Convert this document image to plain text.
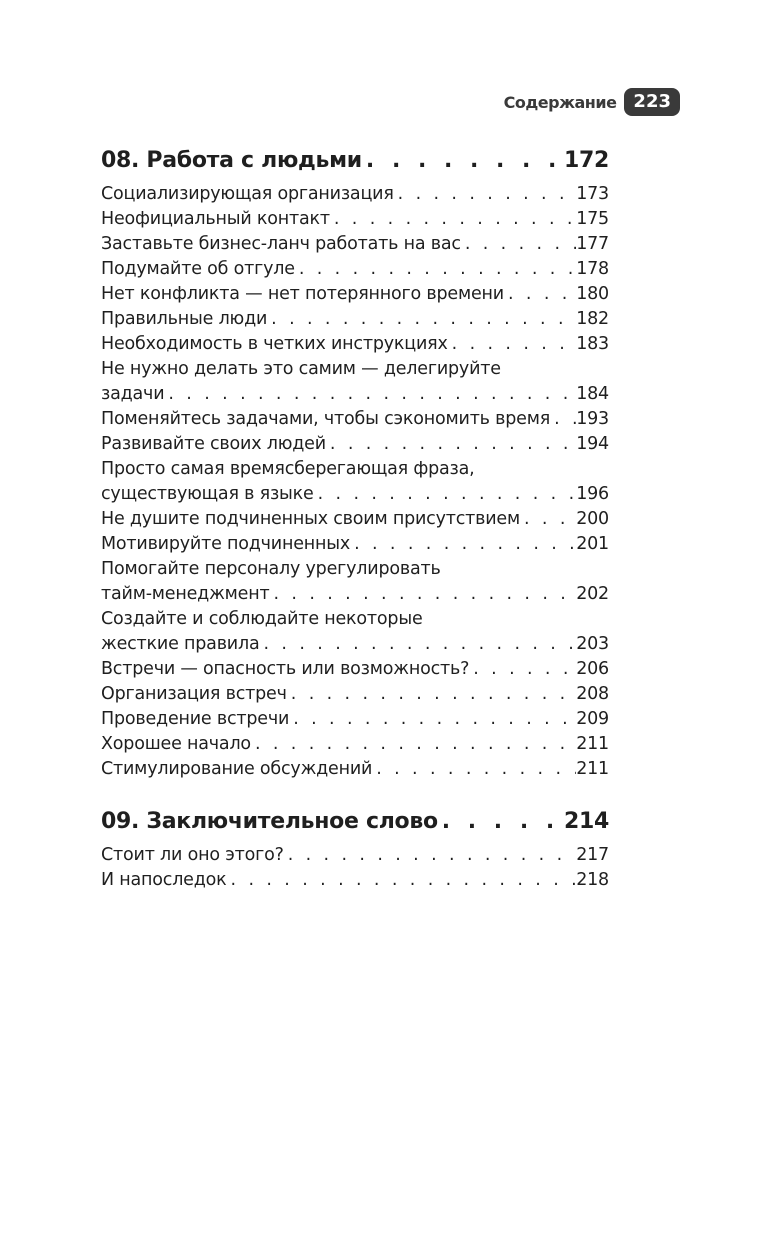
Содержание 223
08. Работа с людьми . . .	172
Социализирующая организация . . .	173
Неофициальный контакт . . .	175
Заставьте бизнес-ланч работать на вас . . .	177
Подумайте об отгуле . . .	178
Нет конфликта — нет потерянного времени . . .	180
Правильные люди . . .	182
Необходимость в четких инструкциях . . .	183
Не нужно делать это самим — делегируйте
задачи . . .	184
Поменяйтесь задачами, чтобы сэкономить время . . . 193
Развивайте своих людей . . .	194
Просто самая времясберегающая фраза,
существующая в языке . . .	196
Не душите подчиненных своим присутствием . . .	200
Мотивируйте подчиненных . . .	201
Помогайте персоналу урегулировать
тайм-менеджмент . . .	202
Создайте и соблюдайте некоторые
жесткие правила . . .	203
Встречи — опасность или возможность? . . .	206
Организация встреч . . .	208
Проведение встречи . . .	209
Хорошее начало . . .	211
Стимулирование обсуждений . . .	211
09. Заключительное слово . . .	214
Стоит ли оно этого? . . .	217
И напоследок . . .	218
